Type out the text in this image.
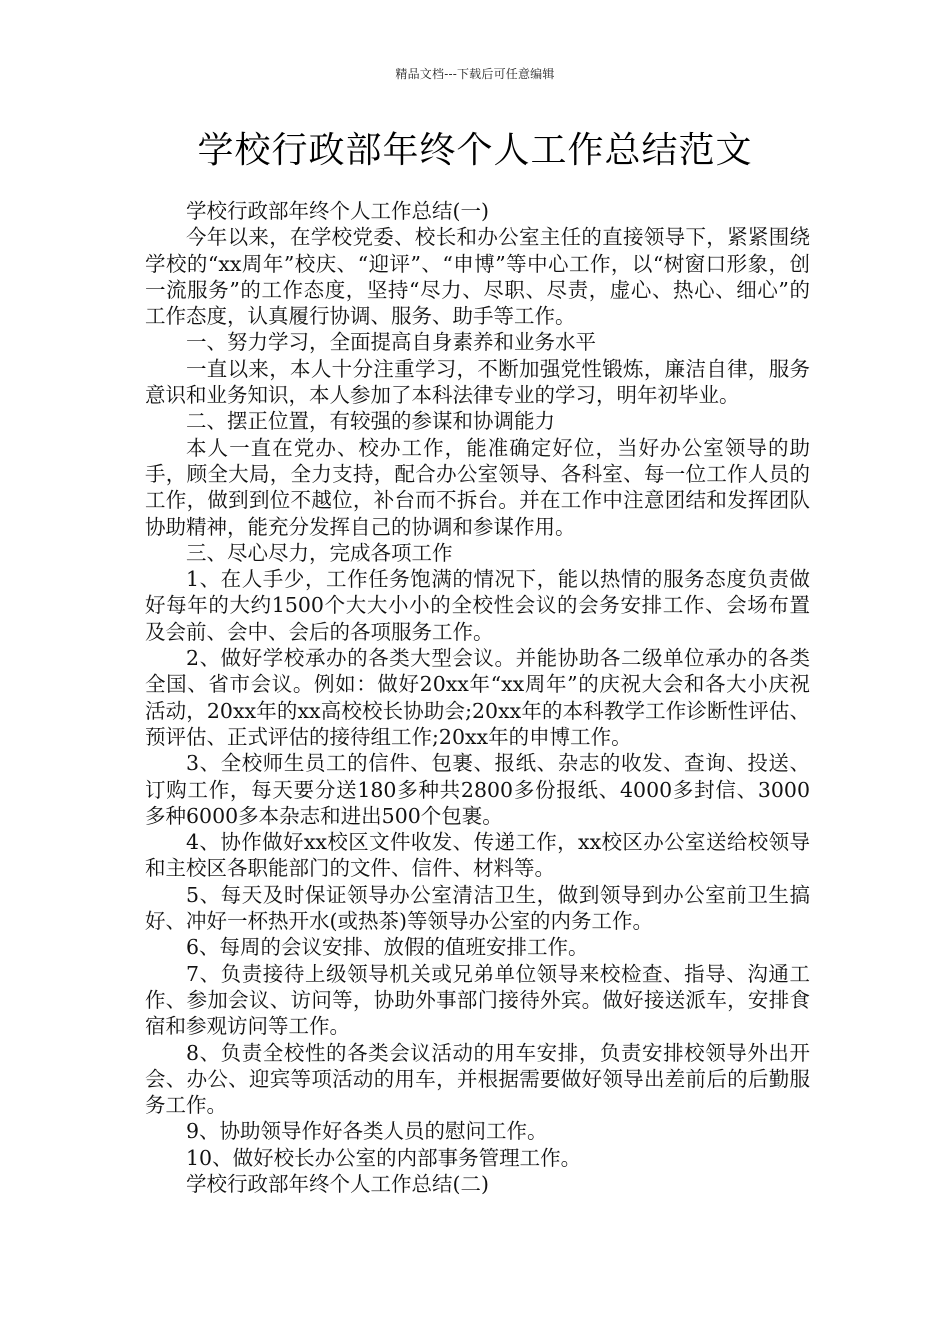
精品文档---下载后可任意编辑
学校行政部年终个人工作总结范文

学校行政部年终个人工作总结(一)

今年以来，在学校党委、校长和办公室主任的直接领导下，紧紧围绕学校的“xx周年”校庆、“迎评”、“申博”等中心工作，以“树窗口形象，创一流服务”的工作态度，坚持“尽力、尽职、尽责，虚心、热心、细心”的工作态度，认真履行协调、服务、助手等工作。

一、努力学习，全面提高自身素养和业务水平

一直以来，本人十分注重学习，不断加强党性锻炼，廉洁自律，服务意识和业务知识，本人参加了本科法律专业的学习，明年初毕业。

二、摆正位置，有较强的参谋和协调能力

本人一直在党办、校办工作，能准确定好位，当好办公室领导的助手，顾全大局，全力支持，配合办公室领导、各科室、每一位工作人员的工作，做到到位不越位，补台而不拆台。并在工作中注意团结和发挥团队协助精神，能充分发挥自己的协调和参谋作用。

三、尽心尽力，完成各项工作

1、在人手少，工作任务饱满的情况下，能以热情的服务态度负责做好每年的大约1500个大大小小的全校性会议的会务安排工作、会场布置及会前、会中、会后的各项服务工作。

2、做好学校承办的各类大型会议。并能协助各二级单位承办的各类全国、省市会议。例如：做好20xx年“xx周年”的庆祝大会和各大小庆祝活动，20xx年的xx高校校长协助会;20xx年的本科教学工作诊断性评估、预评估、正式评估的接待组工作;20xx年的申博工作。

3、全校师生员工的信件、包裹、报纸、杂志的收发、查询、投送、订购工作，每天要分送180多种共2800多份报纸、4000多封信、3000多种6000多本杂志和进出500个包裹。

4、协作做好xx校区文件收发、传递工作，xx校区办公室送给校领导和主校区各职能部门的文件、信件、材料等。

5、每天及时保证领导办公室清洁卫生，做到领导到办公室前卫生搞好、冲好一杯热开水(或热茶)等领导办公室的内务工作。

6、每周的会议安排、放假的值班安排工作。

7、负责接待上级领导机关或兄弟单位领导来校检查、指导、沟通工作、参加会议、访问等，协助外事部门接待外宾。做好接送派车，安排食宿和参观访问等工作。

8、负责全校性的各类会议活动的用车安排，负责安排校领导外出开会、办公、迎宾等项活动的用车，并根据需要做好领导出差前后的后勤服务工作。

9、协助领导作好各类人员的慰问工作。

10、做好校长办公室的内部事务管理工作。

学校行政部年终个人工作总结(二)
